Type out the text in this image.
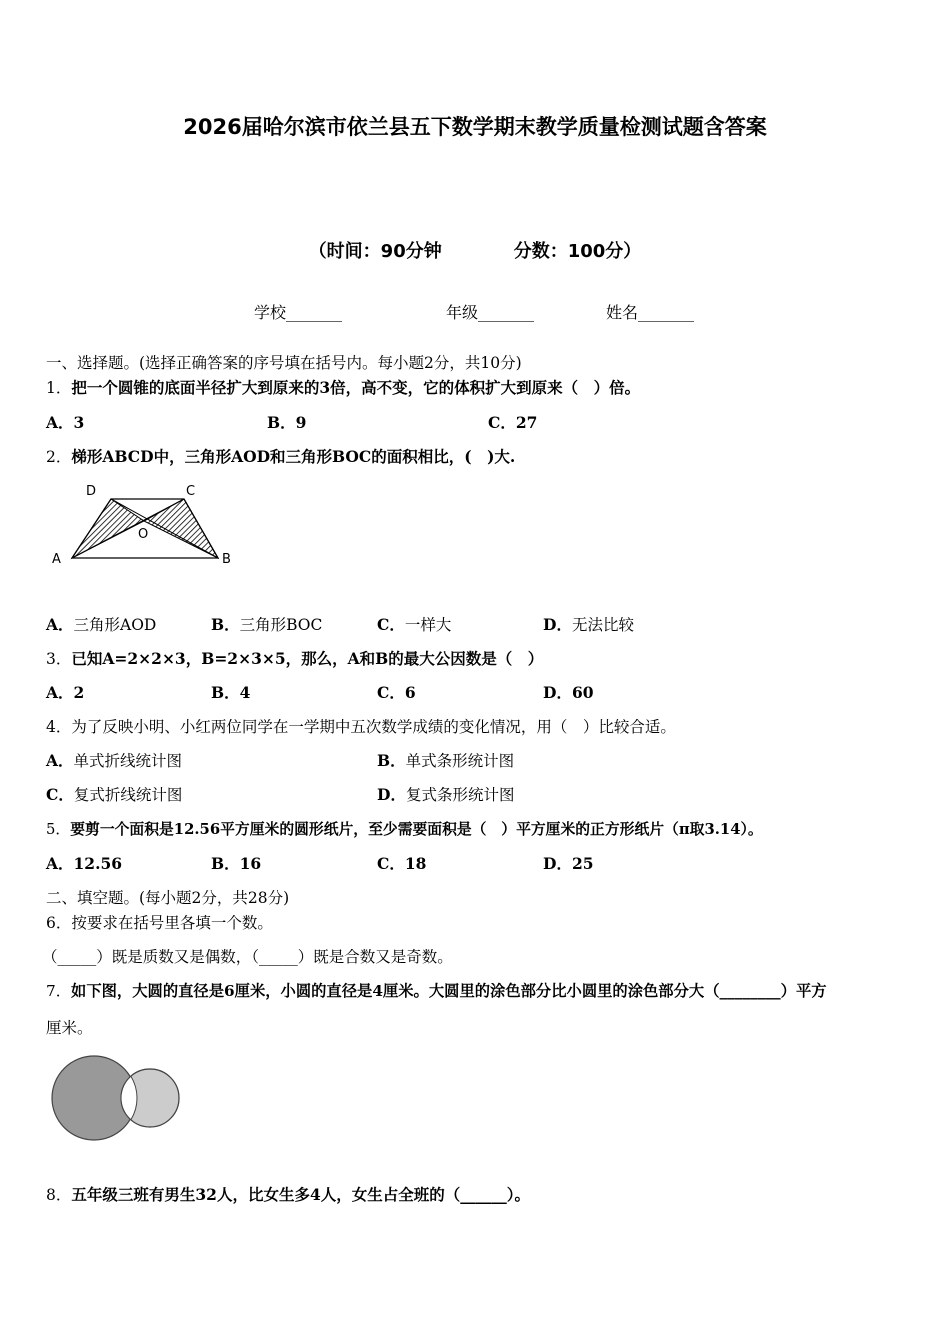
2026届哈尔滨市依兰县五下数学期末教学质量检测试题含答案
（时间：90分钟	分数：100分）
学校_______	年级_______	姓名_______
一、选择题。(选择正确答案的序号填在括号内。每小题2分，共10分)
1．把一个圆锥的底面半径扩大到原来的3倍，高不变，它的体积扩大到原来（　）倍。
A．3	B．9	C．27
2．梯形ABCD中，三角形AOD和三角形BOC的面积相比，(　)大.
D	C
O
A	B
A．三角形AOD	B．三角形BOC	C．一样大	D．无法比较
3．已知A=2×2×3，B=2×3×5，那么，A和B的最大公因数是（　）
A．2	B．4	C．6	D．60
4．为了反映小明、小红两位同学在一学期中五次数学成绩的变化情况，用（　）比较合适。
A．单式折线统计图	B．单式条形统计图
C．复式折线统计图	D．复式条形统计图
5．要剪一个面积是12.56平方厘米的圆形纸片，至少需要面积是（　）平方厘米的正方形纸片（π取3.14）。
A．12.56	B．16	C．18	D．25
二、填空题。(每小题2分，共28分)
6．按要求在括号里各填一个数。
（_____）既是质数又是偶数，（_____）既是合数又是奇数。
7．如下图，大圆的直径是6厘米，小圆的直径是4厘米。大圆里的涂色部分比小圆里的涂色部分大（________）平方
厘米。
8．五年级三班有男生32人，比女生多4人，女生占全班的（______）。
